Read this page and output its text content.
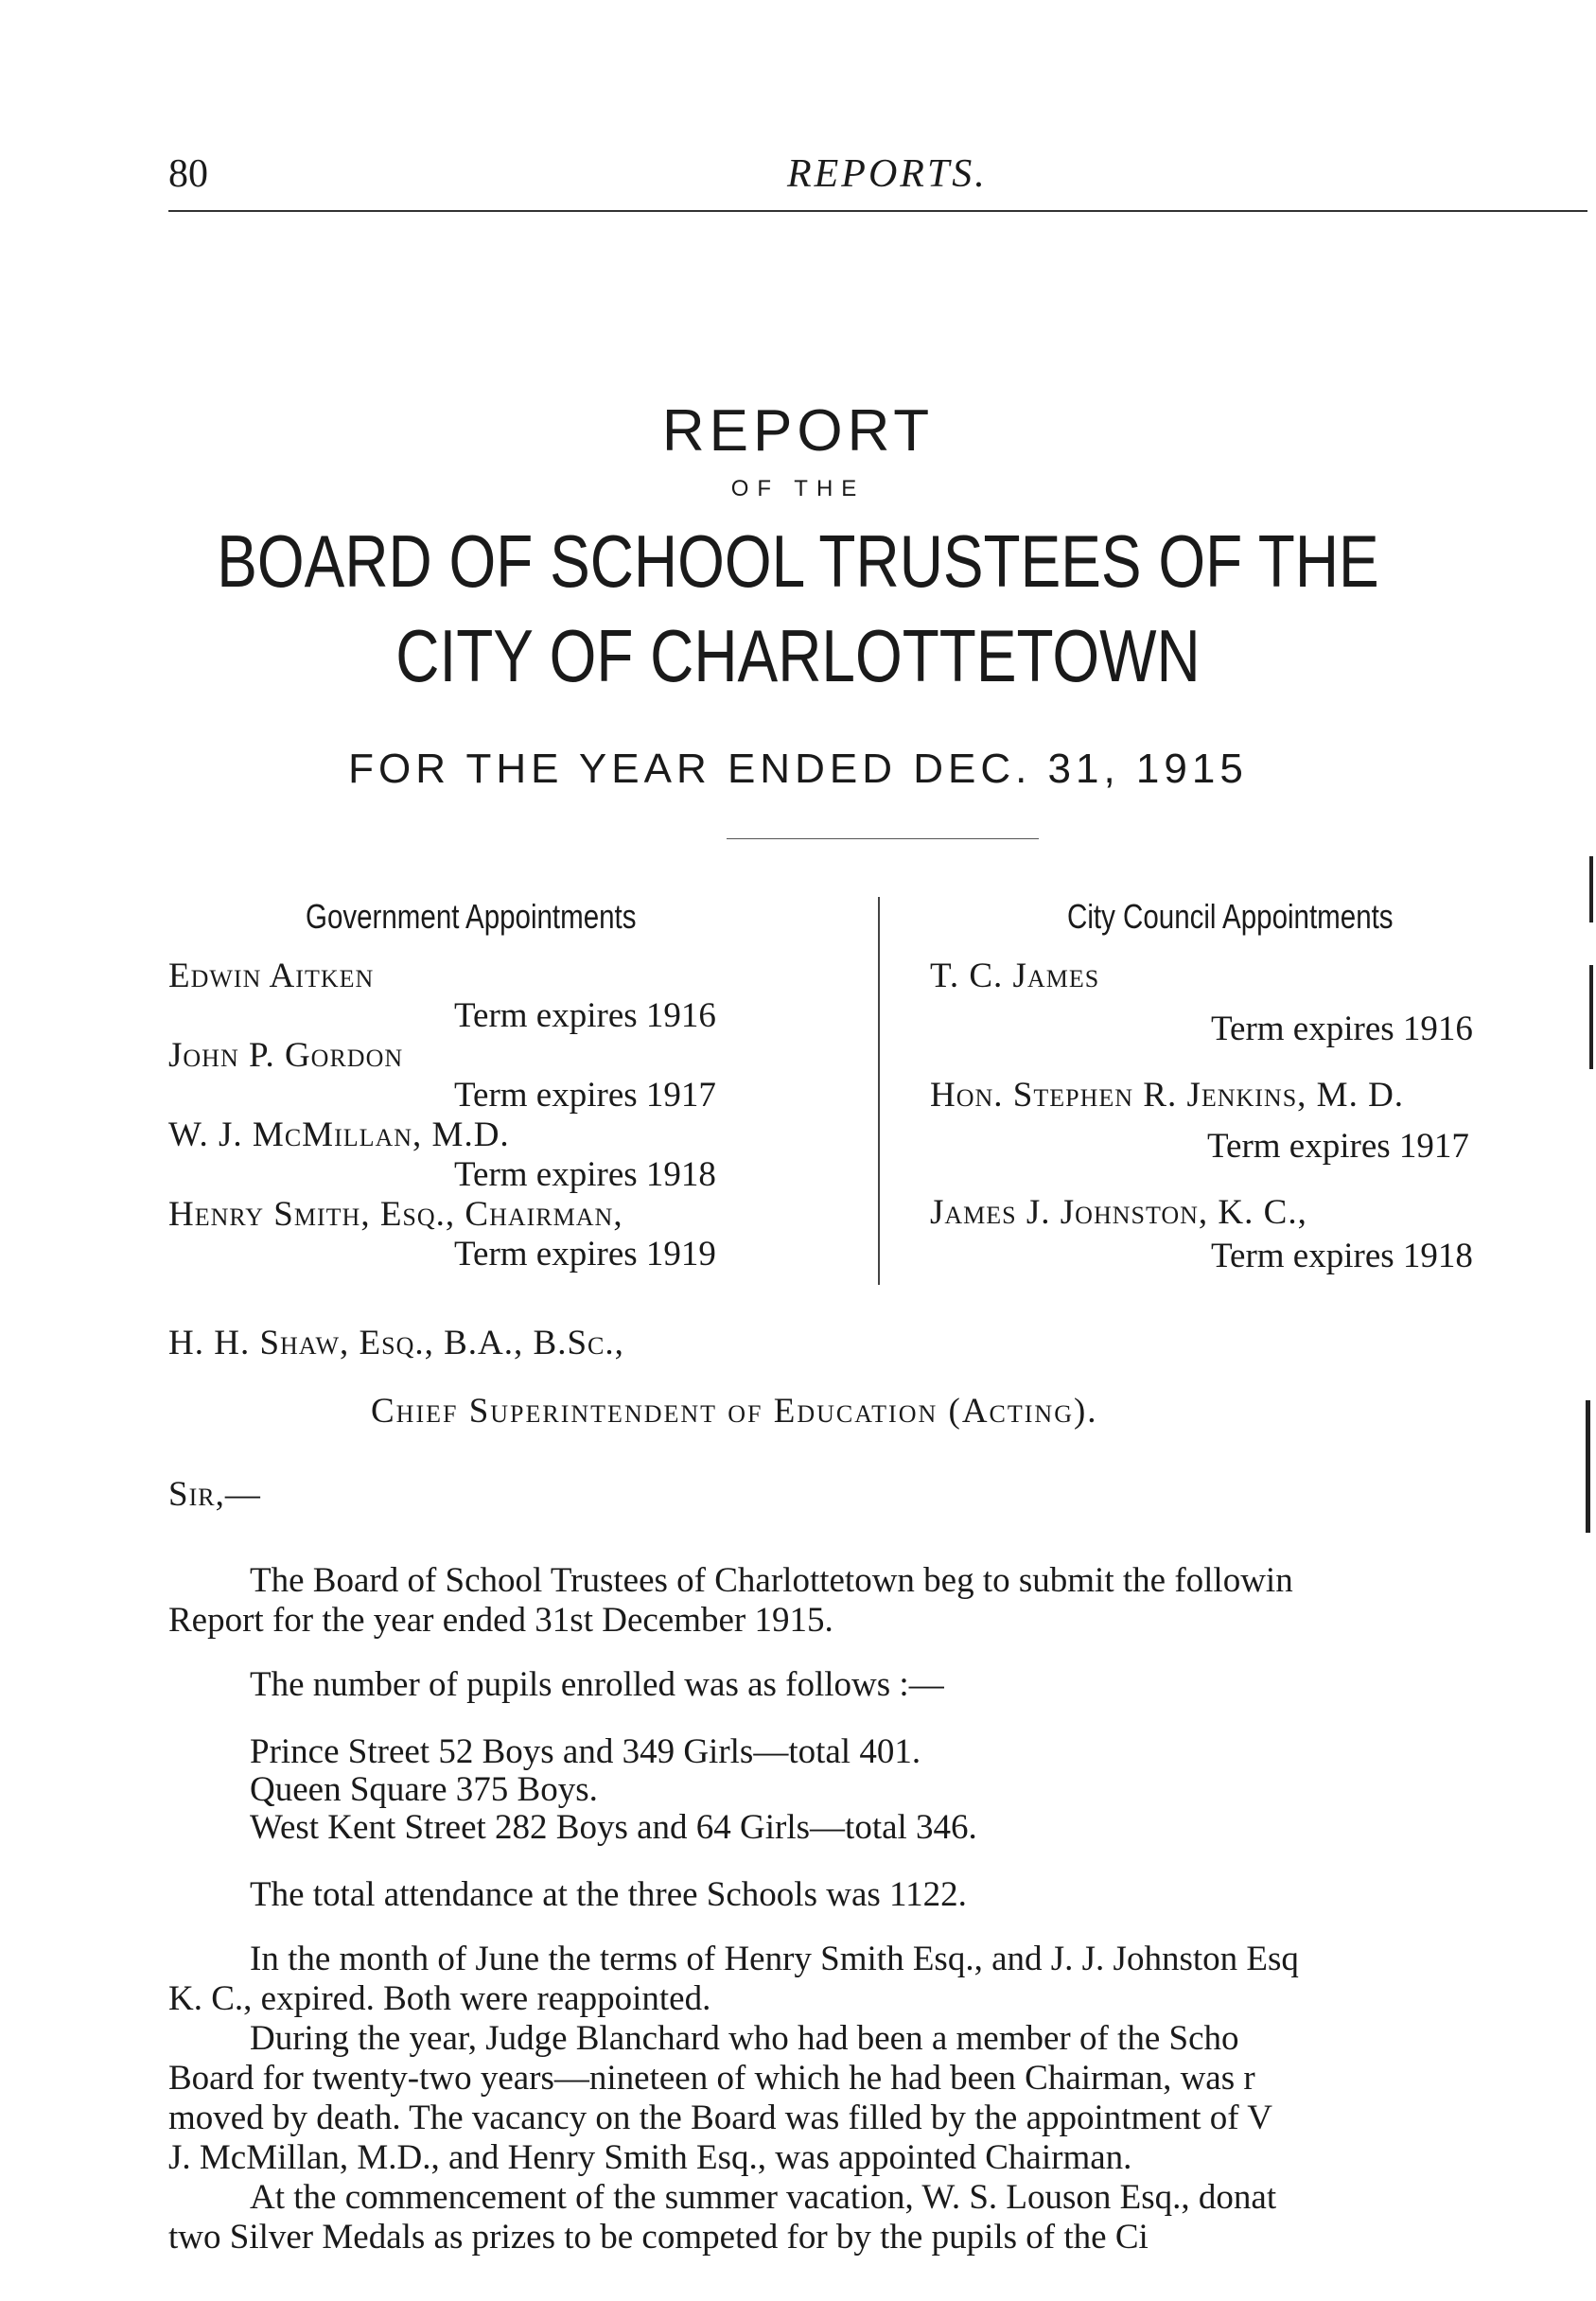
80	REPORTS.
REPORT
OF THE
BOARD OF SCHOOL TRUSTEES OF THE
CITY OF CHARLOTTETOWN
FOR THE YEAR ENDED DEC. 31, 1915
Government Appointments
Edwin Aitken
Term expires 1916
John P. Gordon
Term expires 1917
W. J. McMillan, M.D.
Term expires 1918
Henry Smith, Esq., Chairman,
Term expires 1919
City Council Appointments
T. C. James
Term expires 1916
Hon. Stephen R. Jenkins, M. D.
Term expires 1917
James J. Johnston, K. C.,
Term expires 1918
H. H. Shaw, Esq., B.A., B.Sc.,
Chief Superintendent of Education (Acting).
Sir,—
The Board of School Trustees of Charlottetown beg to submit the followin
Report for the year ended 31st December 1915.
The number of pupils enrolled was as follows :—
Prince Street 52 Boys and 349 Girls—total 401.
Queen Square 375 Boys.
West Kent Street 282 Boys and 64 Girls—total 346.
The total attendance at the three Schools was 1122.
In the month of June the terms of Henry Smith Esq., and J. J. Johnston Esq
K. C., expired. Both were reappointed.
During the year, Judge Blanchard who had been a member of the Scho
Board for twenty-two years—nineteen of which he had been Chairman, was r
moved by death. The vacancy on the Board was filled by the appointment of V
J. McMillan, M.D., and Henry Smith Esq., was appointed Chairman.
At the commencement of the summer vacation, W. S. Louson Esq., donat
two Silver Medals as prizes to be competed for by the pupils of the Ci
